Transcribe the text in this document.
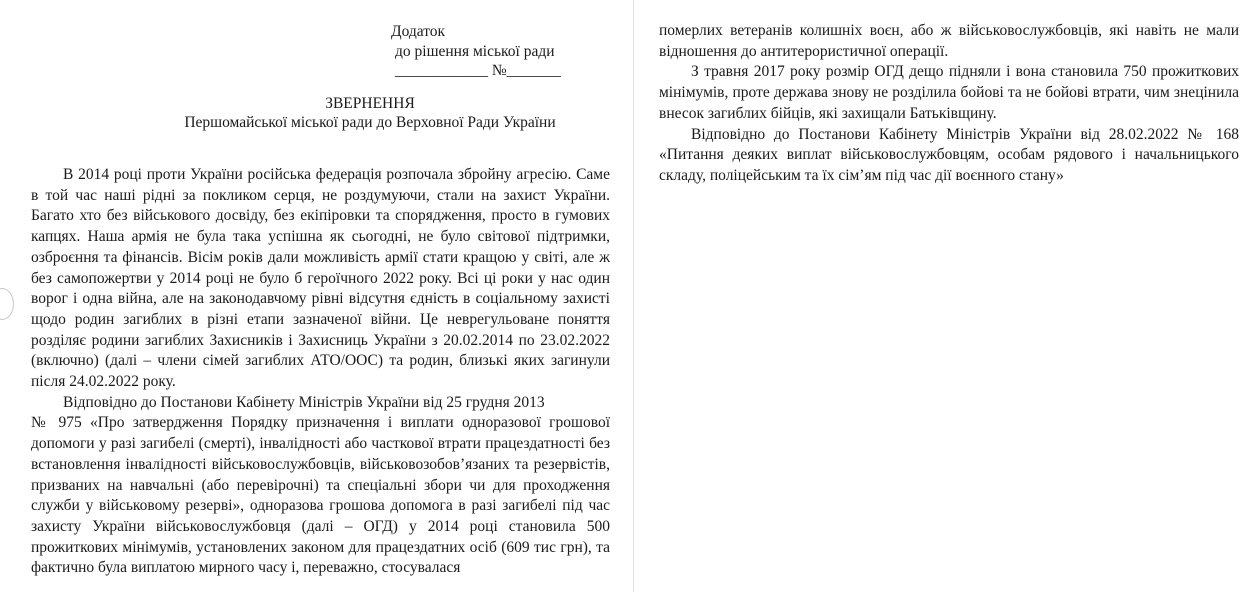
Додаток
до рішення міської ради
____________ №_______
ЗВЕРНЕННЯ
Першомайської міської ради до Верховної Ради України

В 2014 році проти України російська федерація розпочала збройну агресію. Саме в той час наші рідні за покликом серця, не роздумуючи, стали на захист України. Багато хто без військового досвіду, без екіпіровки та спорядження, просто в гумових капцях. Наша армія не була така успішна як сьогодні, не було світової підтримки, озброєння та фінансів. Вісім років дали можливість армії стати кращою у світі, але ж без самопожертви у 2014 році не було б героїчного 2022 року. Всі ці роки у нас один ворог і одна війна, але на законодавчому рівні відсутня єдність в соціальному захисті щодо родин загиблих в різні етапи зазначеної війни. Це неврегульоване поняття розділяє родини загиблих Захисників і Захисниць України з 20.02.2014 по 23.02.2022 (включно) (далі – члени сімей загиблих АТО/ООС) та родин, близькі яких загинули після 24.02.2022 року.

Відповідно до Постанови Кабінету Міністрів України від 25 грудня 2013
№ 975 «Про затвердження Порядку призначення і виплати одноразової грошової допомоги у разі загибелі (смерті), інвалідності або часткової втрати працездатності без встановлення інвалідності військовослужбовців, військовозобов’язаних та резервістів, призваних на навчальні (або перевірочні) та спеціальні збори чи для проходження служби у військовому резерві», одноразова грошова допомога в разі загибелі під час захисту України військовослужбовця (далі – ОГД) у 2014 році становила 500 прожиткових мінімумів, установлених законом для працездатних осіб (609 тис грн), та фактично була виплатою мирного часу і, переважно, стосувалася

померлих ветеранів колишніх воєн, або ж військовослужбовців, які навіть не мали відношення до антитерористичної операції.

З травня 2017 року розмір ОГД дещо підняли і вона становила 750 прожиткових мінімумів, проте держава знову не розділила бойові та не бойові втрати, чим знецінила внесок загиблих бійців, які захищали Батьківщину.

Відповідно до Постанови Кабінету Міністрів України від 28.02.2022 № 168 «Питання деяких виплат військовослужбовцям, особам рядового і начальницького складу, поліцейським та їх сім’ям під час дії воєнного стану»
